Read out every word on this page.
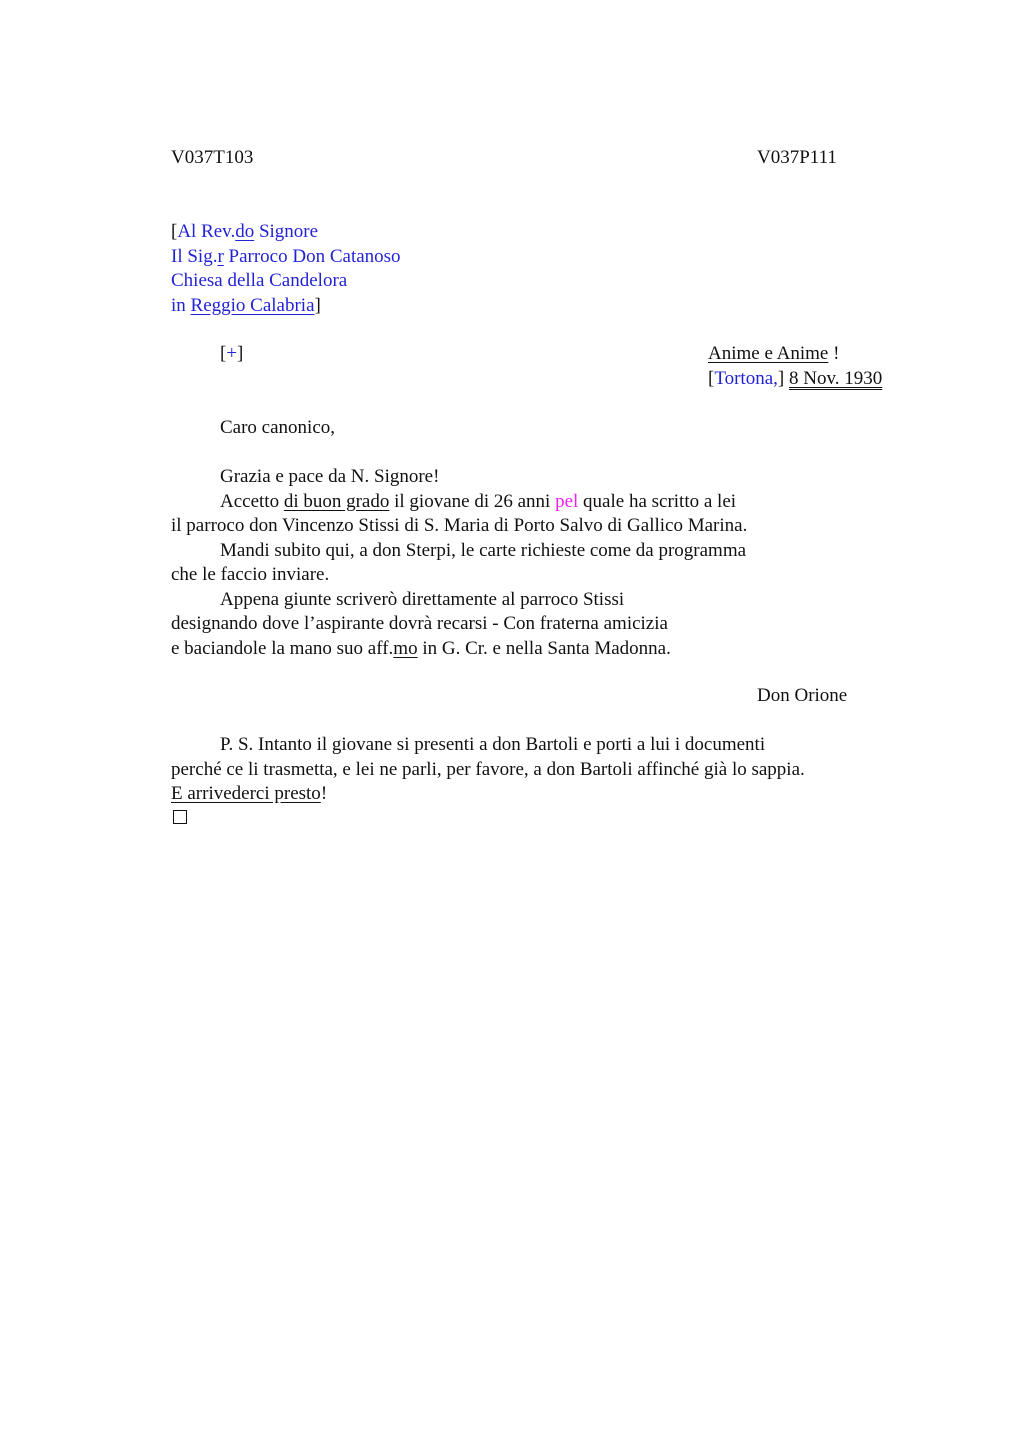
V037T103	V037P111
[Al Rev.do Signore
Il Sig.r Parroco Don Catanoso
Chiesa della Candelora
in Reggio Calabria]
[+]	Anime e Anime !
[Tortona,] 8 Nov. 1930
Caro canonico,
Grazia e pace da N. Signore!
Accetto di buon grado il giovane di 26 anni pel quale ha scritto a lei
il parroco don Vincenzo Stissi di S. Maria di Porto Salvo di Gallico Marina.
Mandi subito qui, a don Sterpi, le carte richieste come da programma
che le faccio inviare.
Appena giunte scriverò direttamente al parroco Stissi
designando dove l’aspirante dovrà recarsi - Con fraterna amicizia
e baciandole la mano suo aff.mo in G. Cr. e nella Santa Madonna.
Don Orione
P. S. Intanto il giovane si presenti a don Bartoli e porti a lui i documenti
perché ce li trasmetta, e lei ne parli, per favore, a don Bartoli affinché già lo sappia.
E arrivederci presto!
